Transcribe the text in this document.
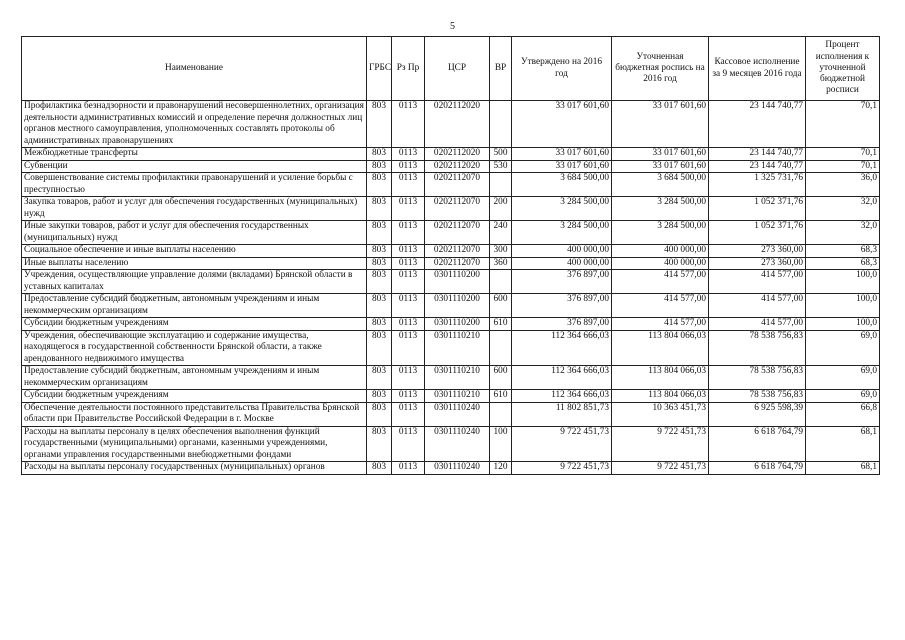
5
Наименование	ГРБС	Рз Пр	ЦСР	ВР	Утверждено на 2016 год	Уточненная бюджетная роспись на 2016 год	Кассовое исполнение за 9 месяцев 2016 года	Процент исполнения к уточненной бюджетной росписи
Профилактика безнадзорности и правонарушений несовершеннолетних, организация деятельности административных комиссий и определение перечня должностных лиц органов местного самоуправления, уполномоченных составлять протоколы об административных правонарушениях	803	0113	0202112020		33 017 601,60	33 017 601,60	23 144 740,77	70,1
Межбюджетные трансферты	803	0113	0202112020	500	33 017 601,60	33 017 601,60	23 144 740,77	70,1
Субвенции	803	0113	0202112020	530	33 017 601,60	33 017 601,60	23 144 740,77	70,1
Совершенствование системы профилактики правонарушений и усиление борьбы с преступностью	803	0113	0202112070		3 684 500,00	3 684 500,00	1 325 731,76	36,0
Закупка товаров, работ и услуг для обеспечения государственных (муниципальных) нужд	803	0113	0202112070	200	3 284 500,00	3 284 500,00	1 052 371,76	32,0
Иные закупки товаров, работ и услуг для обеспечения государственных (муниципальных) нужд	803	0113	0202112070	240	3 284 500,00	3 284 500,00	1 052 371,76	32,0
Социальное обеспечение и иные выплаты населению	803	0113	0202112070	300	400 000,00	400 000,00	273 360,00	68,3
Иные выплаты населению	803	0113	0202112070	360	400 000,00	400 000,00	273 360,00	68,3
Учреждения, осуществляющие управление долями (вкладами) Брянской области в уставных капиталах	803	0113	0301110200		376 897,00	414 577,00	414 577,00	100,0
Предоставление субсидий бюджетным, автономным учреждениям и иным некоммерческим организациям	803	0113	0301110200	600	376 897,00	414 577,00	414 577,00	100,0
Субсидии бюджетным учреждениям	803	0113	0301110200	610	376 897,00	414 577,00	414 577,00	100,0
Учреждения, обеспечивающие эксплуатацию и содержание имущества, находящегося в государственной собственности Брянской области, а также арендованного недвижимого имущества	803	0113	0301110210		112 364 666,03	113 804 066,03	78 538 756,83	69,0
Предоставление субсидий бюджетным, автономным учреждениям и иным некоммерческим организациям	803	0113	0301110210	600	112 364 666,03	113 804 066,03	78 538 756,83	69,0
Субсидии бюджетным учреждениям	803	0113	0301110210	610	112 364 666,03	113 804 066,03	78 538 756,83	69,0
Обеспечение деятельности постоянного представительства Правительства Брянской области при Правительстве Российской Федерации в г. Москве	803	0113	0301110240		11 802 851,73	10 363 451,73	6 925 598,39	66,8
Расходы на выплаты персоналу в целях обеспечения выполнения функций государственными (муниципальными) органами, казенными учреждениями, органами управления государственными внебюджетными фондами	803	0113	0301110240	100	9 722 451,73	9 722 451,73	6 618 764,79	68,1
Расходы на выплаты персоналу государственных (муниципальных) органов	803	0113	0301110240	120	9 722 451,73	9 722 451,73	6 618 764,79	68,1
